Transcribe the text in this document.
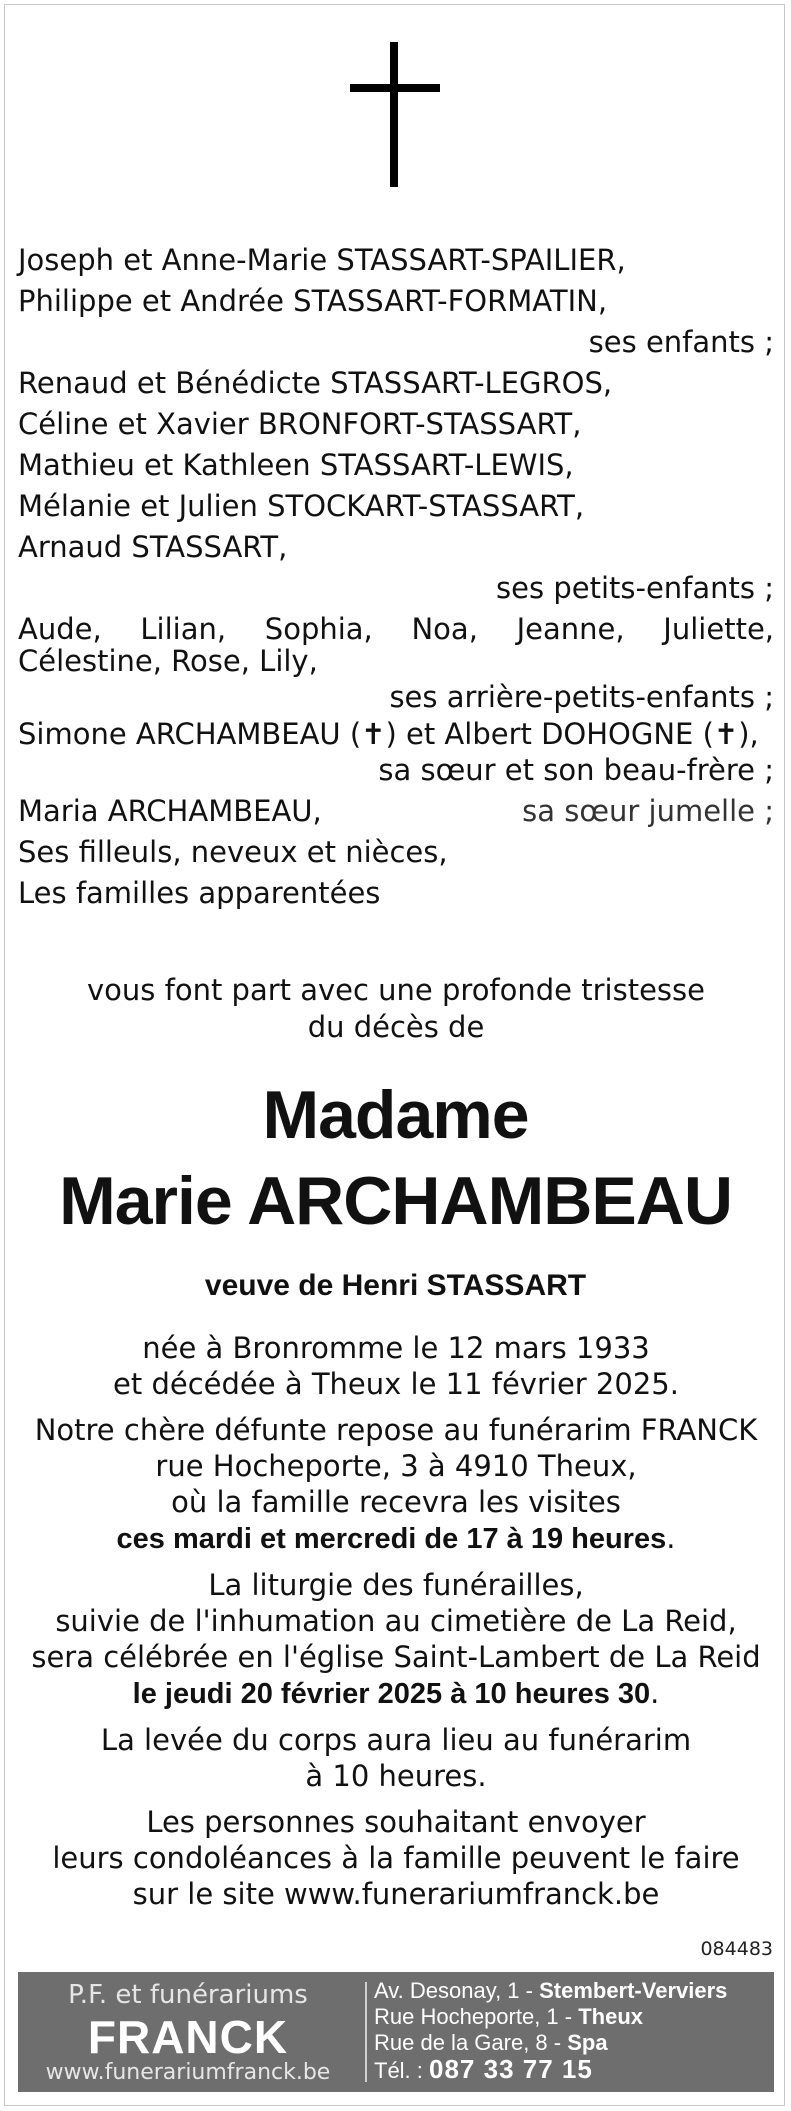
Joseph et Anne-Marie STASSART-SPAILIER,
Philippe et Andrée STASSART-FORMATIN,
ses enfants ;
Renaud et Bénédicte STASSART-LEGROS,
Céline et Xavier BRONFORT-STASSART,
Mathieu et Kathleen STASSART-LEWIS,
Mélanie et Julien STOCKART-STASSART,
Arnaud STASSART,
ses petits-enfants ;
Aude, Lilian, Sophia, Noa, Jeanne, Juliette,
Célestine, Rose, Lily,
ses arrière-petits-enfants ;
Simone ARCHAMBEAU (✝) et Albert DOHOGNE (✝),
sa sœur et son beau-frère ;
Maria ARCHAMBEAU,	sa sœur jumelle ;
Ses filleuls, neveux et nièces,
Les familles apparentées
vous font part avec une profonde tristesse
du décès de
Madame
Marie ARCHAMBEAU
veuve de Henri STASSART
née à Bronromme le 12 mars 1933
et décédée à Theux le 11 février 2025.
Notre chère défunte repose au funérarim FRANCK
rue Hocheporte, 3 à 4910 Theux,
où la famille recevra les visites
ces mardi et mercredi de 17 à 19 heures.
La liturgie des funérailles,
suivie de l'inhumation au cimetière de La Reid,
sera célébrée en l'église Saint-Lambert de La Reid
le jeudi 20 février 2025 à 10 heures 30.
La levée du corps aura lieu au funérarim
à 10 heures.
Les personnes souhaitant envoyer
leurs condoléances à la famille peuvent le faire
sur le site www.funerariumfranck.be
084483
P.F. et funérariums
FRANCK
www.funerariumfranck.be
Av. Desonay, 1 - Stembert-Verviers
Rue Hocheporte, 1 - Theux
Rue de la Gare, 8 - Spa
Tél. : 087 33 77 15
